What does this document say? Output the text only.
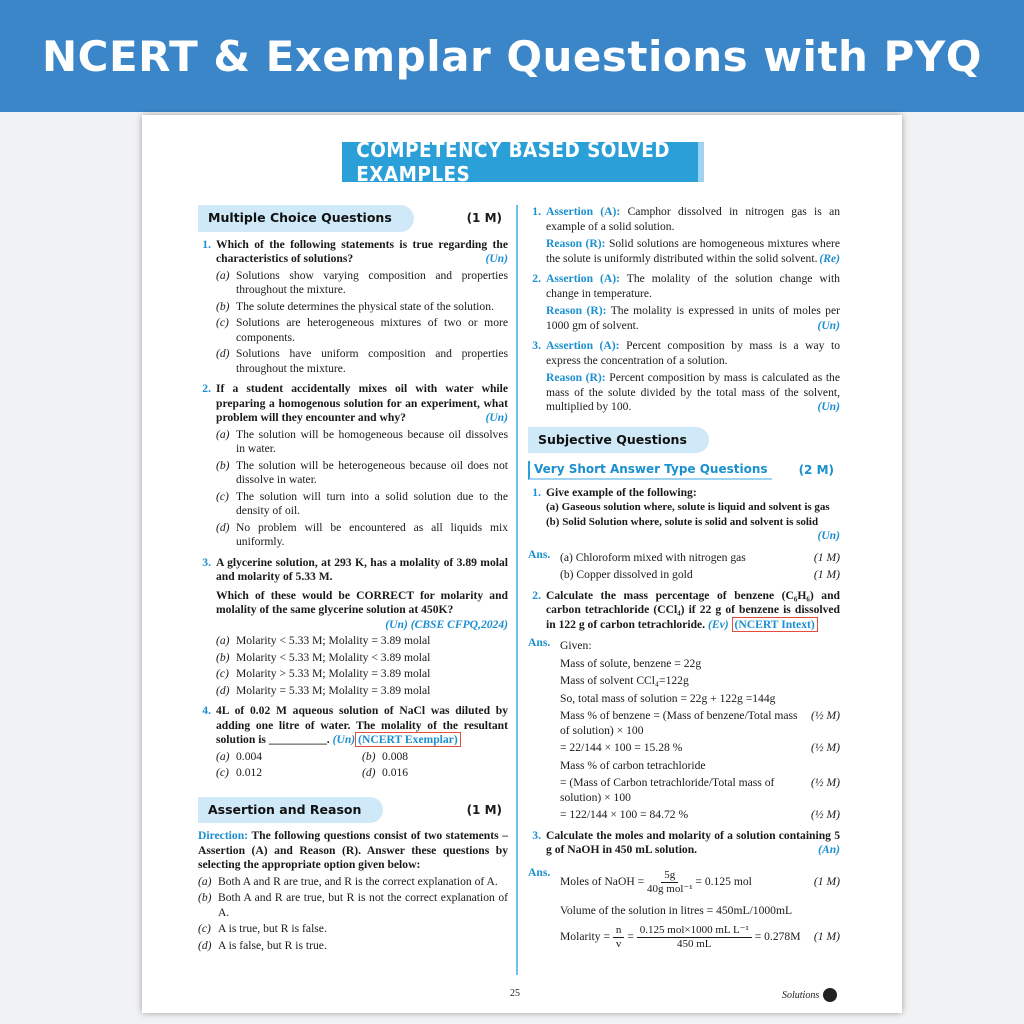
NCERT & Exemplar Questions with PYQ
COMPETENCY BASED SOLVED EXAMPLES
Multiple Choice Questions	(1 M)
1. Which of the following statements is true regarding the characteristics of solutions?	(Un)
(a) Solutions show varying composition and properties throughout the mixture.
(b) The solute determines the physical state of the solution.
(c) Solutions are heterogeneous mixtures of two or more components.
(d) Solutions have uniform composition and properties throughout the mixture.
2. If a student accidentally mixes oil with water while preparing a homogenous solution for an experiment, what problem will they encounter and why?	(Un)
(a) The solution will be homogeneous because oil dissolves in water.
(b) The solution will be heterogeneous because oil does not dissolve in water.
(c) The solution will turn into a solid solution due to the density of oil.
(d) No problem will be encountered as all liquids mix uniformly.
3. A glycerine solution, at 293 K, has a molality of 3.89 molal and molarity of 5.33 M.
Which of these would be CORRECT for molarity and molality of the same glycerine solution at 450K?
(Un) (CBSE CFPQ,2024)
(a) Molarity < 5.33 M; Molality = 3.89 molal
(b) Molarity < 5.33 M; Molality < 3.89 molal
(c) Molarity > 5.33 M; Molality = 3.89 molal
(d) Molarity = 5.33 M; Molality = 3.89 molal
4. 4L of 0.02 M aqueous solution of NaCl was diluted by adding one litre of water. The molality of the resultant solution is __________. (Un) (NCERT Exemplar)
(a) 0.004	(b) 0.008
(c) 0.012	(d) 0.016
Assertion and Reason	(1 M)
Direction: The following questions consist of two statements – Assertion (A) and Reason (R). Answer these questions by selecting the appropriate option given below:
(a) Both A and R are true, and R is the correct explanation of A.
(b) Both A and R are true, but R is not the correct explanation of A.
(c) A is true, but R is false.
(d) A is false, but R is true.
1. Assertion (A): Camphor dissolved in nitrogen gas is an example of a solid solution.
Reason (R): Solid solutions are homogeneous mixtures where the solute is uniformly distributed within the solid solvent. (Re)
2. Assertion (A): The molality of the solution change with change in temperature.
Reason (R): The molality is expressed in units of moles per 1000 gm of solvent.	(Un)
3. Assertion (A): Percent composition by mass is a way to express the concentration of a solution.
Reason (R): Percent composition by mass is calculated as the mass of the solute divided by the total mass of the solvent, multiplied by 100.	(Un)
Subjective Questions
Very Short Answer Type Questions	(2 M)
1. Give example of the following:
(a) Gaseous solution where, solute is liquid and solvent is gas
(b) Solid Solution where, solute is solid and solvent is solid
(Un)
Ans. (a) Chloroform mixed with nitrogen gas	(1 M)
(b) Copper dissolved in gold	(1 M)
2. Calculate the mass percentage of benzene (C₆H₆) and carbon tetrachloride (CCl₄) if 22 g of benzene is dissolved in 122 g of carbon tetrachloride. (Ev) (NCERT Intext)
Ans. Given:
Mass of solute, benzene = 22g
Mass of solvent CCl₄=122g
So, total mass of solution = 22g + 122g =144g
Mass % of benzene = (Mass of benzene/Total mass of solution) × 100
(½ M)
= 22/144 × 100 = 15.28 %	(½ M)
Mass % of carbon tetrachloride
= (Mass of Carbon tetrachloride/Total mass of solution) × 100
(½ M)
= 122/144 × 100 = 84.72 %	(½ M)
3. Calculate the moles and molarity of a solution containing 5 g of NaOH in 450 mL solution.	(An)
Ans.
Moles of NaOH = $\frac{5g}{\text{40g mol⁻¹}} = 0.125$ mol	(1 M)
Volume of the solution in litres = 450mL/1000mL
Molarity = $\frac{n}{v} = \frac{\text{0.125 mol×1000 mL L⁻¹}}{450 mL} = 0.278M$	(1 M)
25	Solutions
